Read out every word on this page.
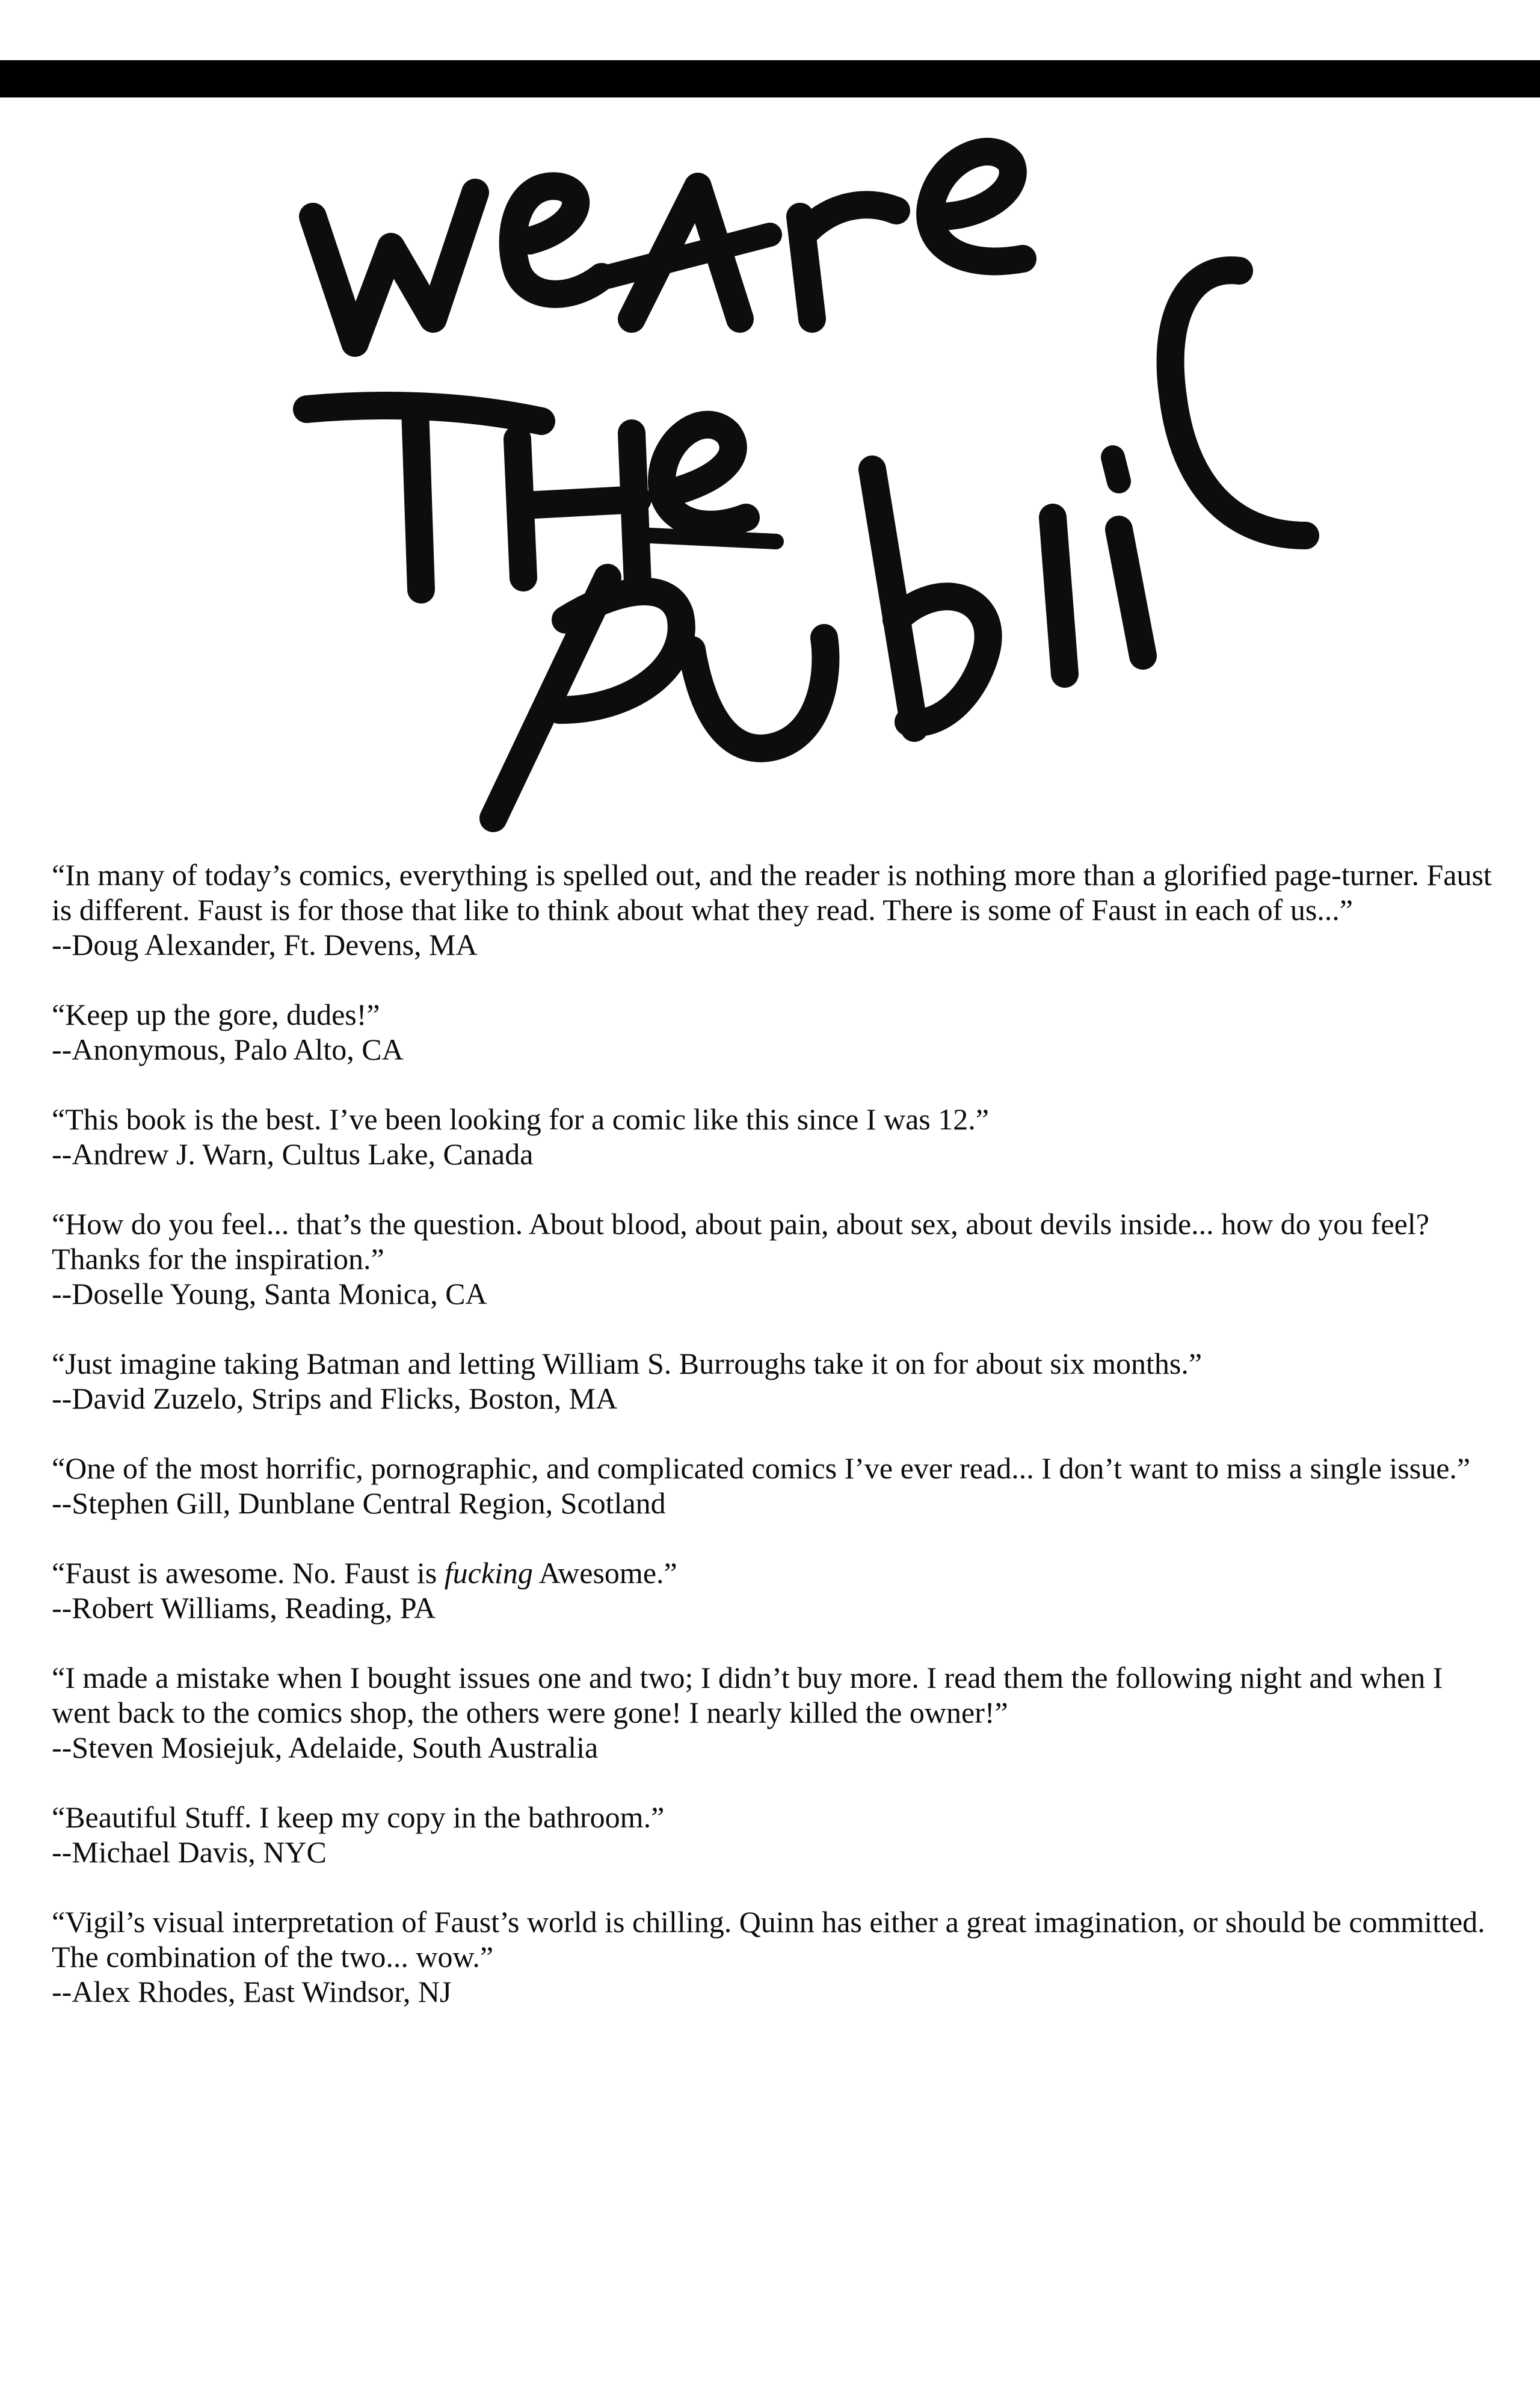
“In many of today’s comics, everything is spelled out, and the reader is nothing more than a glorified page-turner. Faust is different. Faust is for those that like to think about what they read. There is some of Faust in each of us...”

--Doug Alexander, Ft. Devens, MA

“Keep up the gore, dudes!”

--Anonymous, Palo Alto, CA

“This book is the best. I’ve been looking for a comic like this since I was 12.”

--Andrew J. Warn, Cultus Lake, Canada

“How do you feel... that’s the question. About blood, about pain, about sex, about devils inside... how do you feel? Thanks for the inspiration.”

--Doselle Young, Santa Monica, CA

“Just imagine taking Batman and letting William S. Burroughs take it on for about six months.”

--David Zuzelo, Strips and Flicks, Boston, MA

“One of the most horrific, pornographic, and complicated comics I’ve ever read... I don’t want to miss a single issue.”

--Stephen Gill, Dunblane Central Region, Scotland

“Faust is awesome. No. Faust is fucking Awesome.”

--Robert Williams, Reading, PA

“I made a mistake when I bought issues one and two; I didn’t buy more. I read them the following night and when I went back to the comics shop, the others were gone! I nearly killed the owner!”

--Steven Mosiejuk, Adelaide, South Australia

“Beautiful Stuff. I keep my copy in the bathroom.”

--Michael Davis, NYC

“Vigil’s visual interpretation of Faust’s world is chilling. Quinn has either a great imagination, or should be committed. The combination of the two... wow.”

--Alex Rhodes, East Windsor, NJ
